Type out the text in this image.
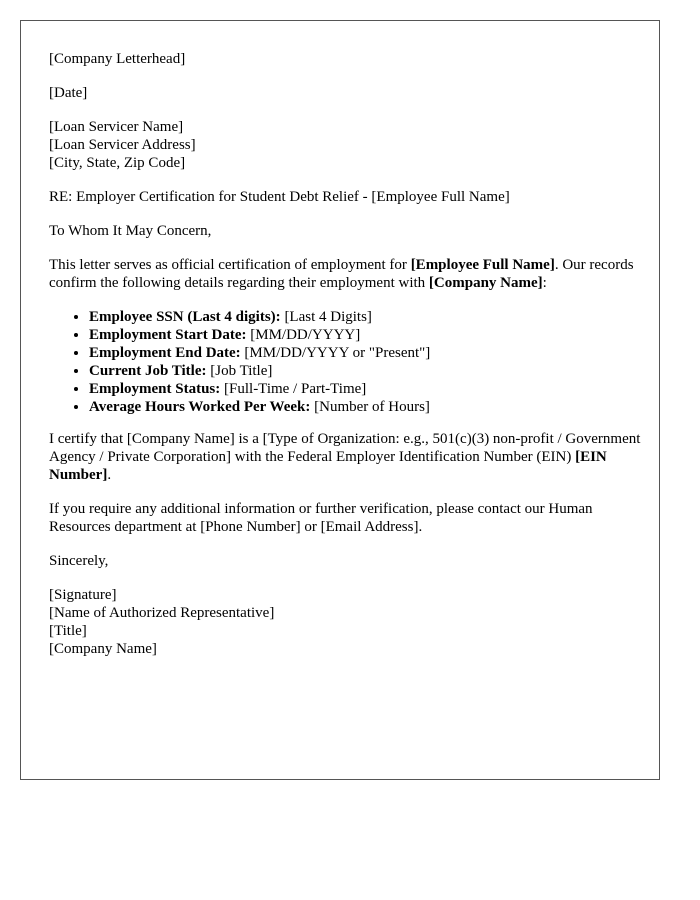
[Company Letterhead]

[Date]

[Loan Servicer Name]
[Loan Servicer Address]
[City, State, Zip Code]

RE: Employer Certification for Student Debt Relief - [Employee Full Name]

To Whom It May Concern,

This letter serves as official certification of employment for [Employee Full Name]. Our records confirm the following details regarding their employment with [Company Name]:

• Employee SSN (Last 4 digits): [Last 4 Digits]
• Employment Start Date: [MM/DD/YYYY]
• Employment End Date: [MM/DD/YYYY or "Present"]
• Current Job Title: [Job Title]
• Employment Status: [Full-Time / Part-Time]
• Average Hours Worked Per Week: [Number of Hours]

I certify that [Company Name] is a [Type of Organization: e.g., 501(c)(3) non-profit / Government Agency / Private Corporation] with the Federal Employer Identification Number (EIN) [EIN Number].

If you require any additional information or further verification, please contact our Human Resources department at [Phone Number] or [Email Address].

Sincerely,

[Signature]
[Name of Authorized Representative]
[Title]
[Company Name]
